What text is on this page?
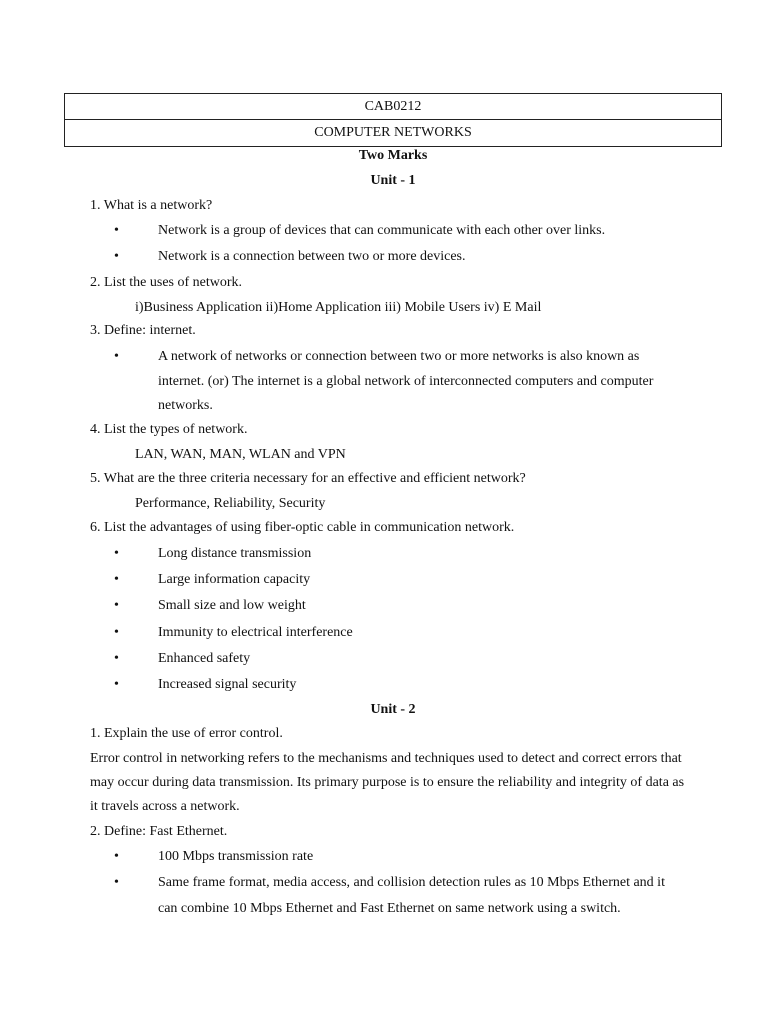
CAB0212
COMPUTER NETWORKS
Two Marks
Unit - 1
1. What is a network?
•	Network is a group of devices that can communicate with each other over links.
•	Network is a connection between two or more devices.
2. List the uses of network.
i)Business Application ii)Home Application iii) Mobile Users iv) E Mail
3. Define: internet.
•	A network of networks or connection between two or more networks is also known as
internet. (or) The internet is a global network of interconnected computers and computer
networks.
4. List the types of network.
LAN, WAN, MAN, WLAN and VPN
5. What are the three criteria necessary for an effective and efficient network?
Performance, Reliability, Security
6. List the advantages of using fiber-optic cable in communication network.
•	Long distance transmission
•	Large information capacity
•	Small size and low weight
•	Immunity to electrical interference
•	Enhanced safety
•	Increased signal security
Unit - 2
1. Explain the use of error control.
Error control in networking refers to the mechanisms and techniques used to detect and correct errors that
may occur during data transmission. Its primary purpose is to ensure the reliability and integrity of data as
it travels across a network.
2. Define: Fast Ethernet.
•	100 Mbps transmission rate
•	Same frame format, media access, and collision detection rules as 10 Mbps Ethernet and it
can combine 10 Mbps Ethernet and Fast Ethernet on same network using a switch.
